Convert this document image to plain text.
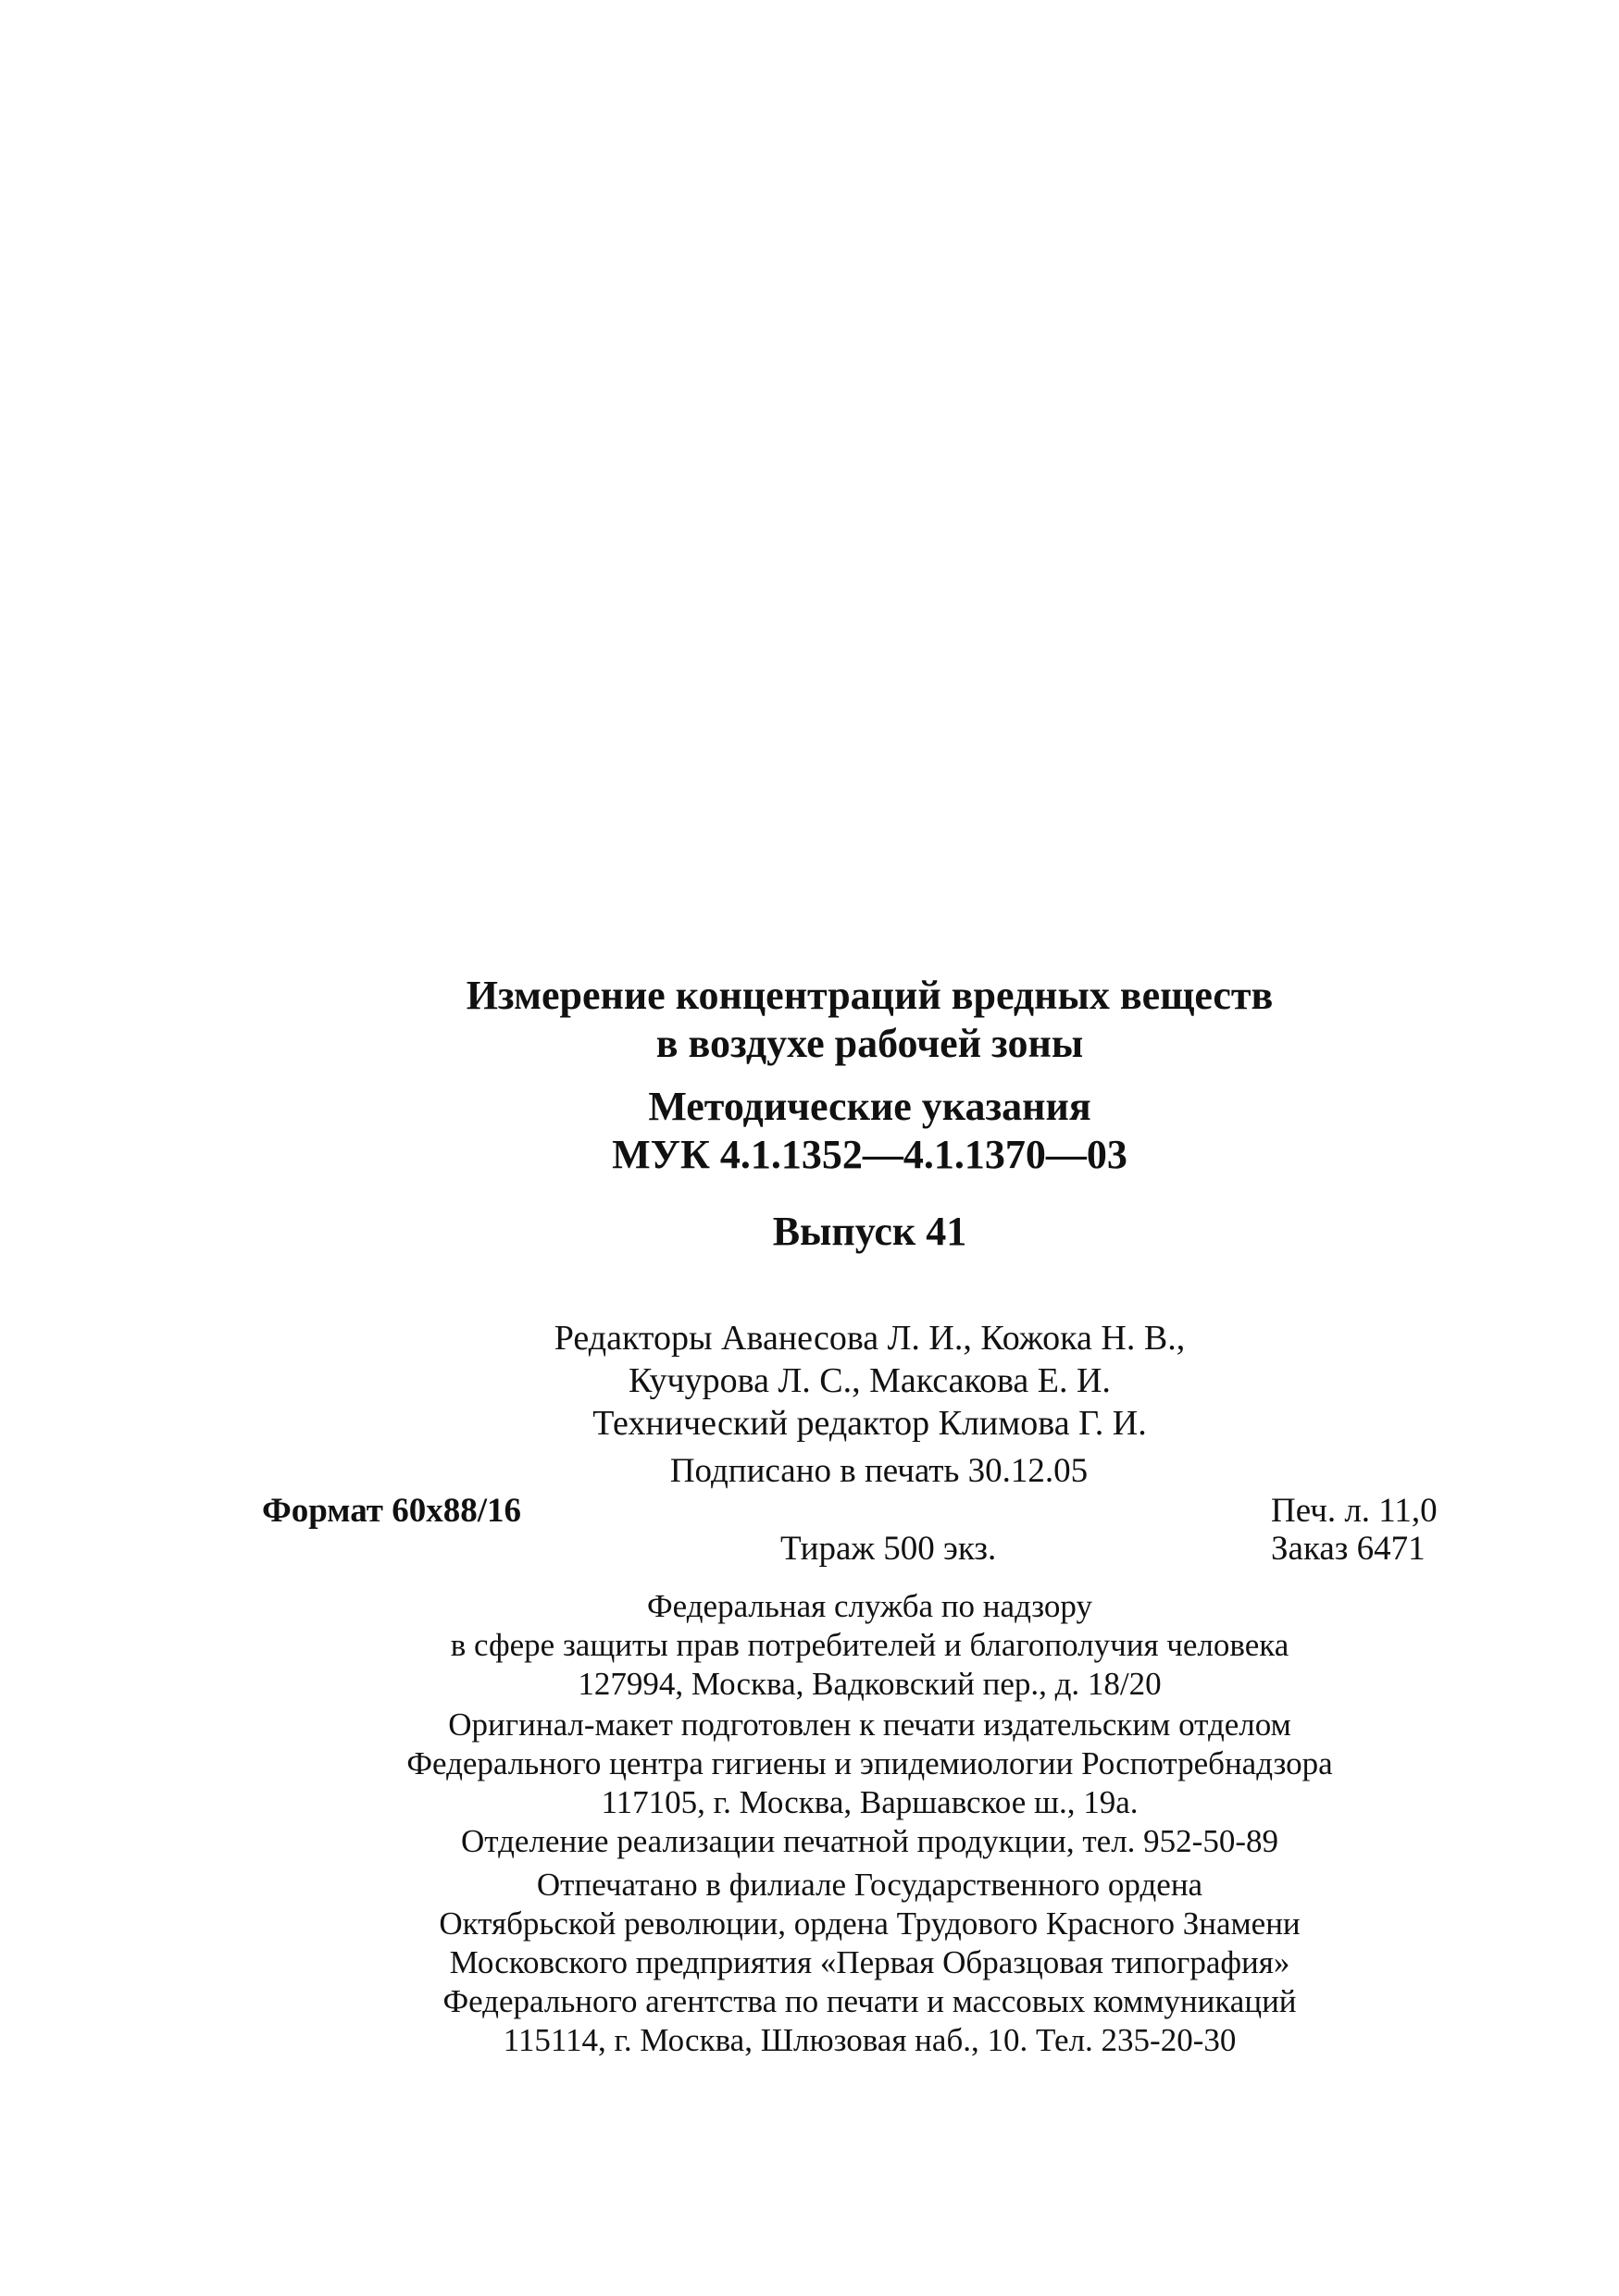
Измерение концентраций вредных веществ
в воздухе рабочей зоны
Методические указания
МУК 4.1.1352—4.1.1370—03
Выпуск 41
Редакторы Аванесова Л. И., Кожока Н. В.,
Кучурова Л. С., Максакова Е. И.
Технический редактор Климова Г. И.
Подписано в печать 30.12.05
Формат 60x88/16	Печ. л. 11,0
Тираж 500 экз.	Заказ 6471
Федеральная служба по надзору
в сфере защиты прав потребителей и благополучия человека
127994, Москва, Вадковский пер., д. 18/20
Оригинал-макет подготовлен к печати издательским отделом
Федерального центра гигиены и эпидемиологии Роспотребнадзора
117105, г. Москва, Варшавское ш., 19а.
Отделение реализации печатной продукции, тел. 952-50-89
Отпечатано в филиале Государственного ордена
Октябрьской революции, ордена Трудового Красного Знамени
Московского предприятия «Первая Образцовая типография»
Федерального агентства по печати и массовых коммуникаций
115114, г. Москва, Шлюзовая наб., 10. Тел. 235-20-30
